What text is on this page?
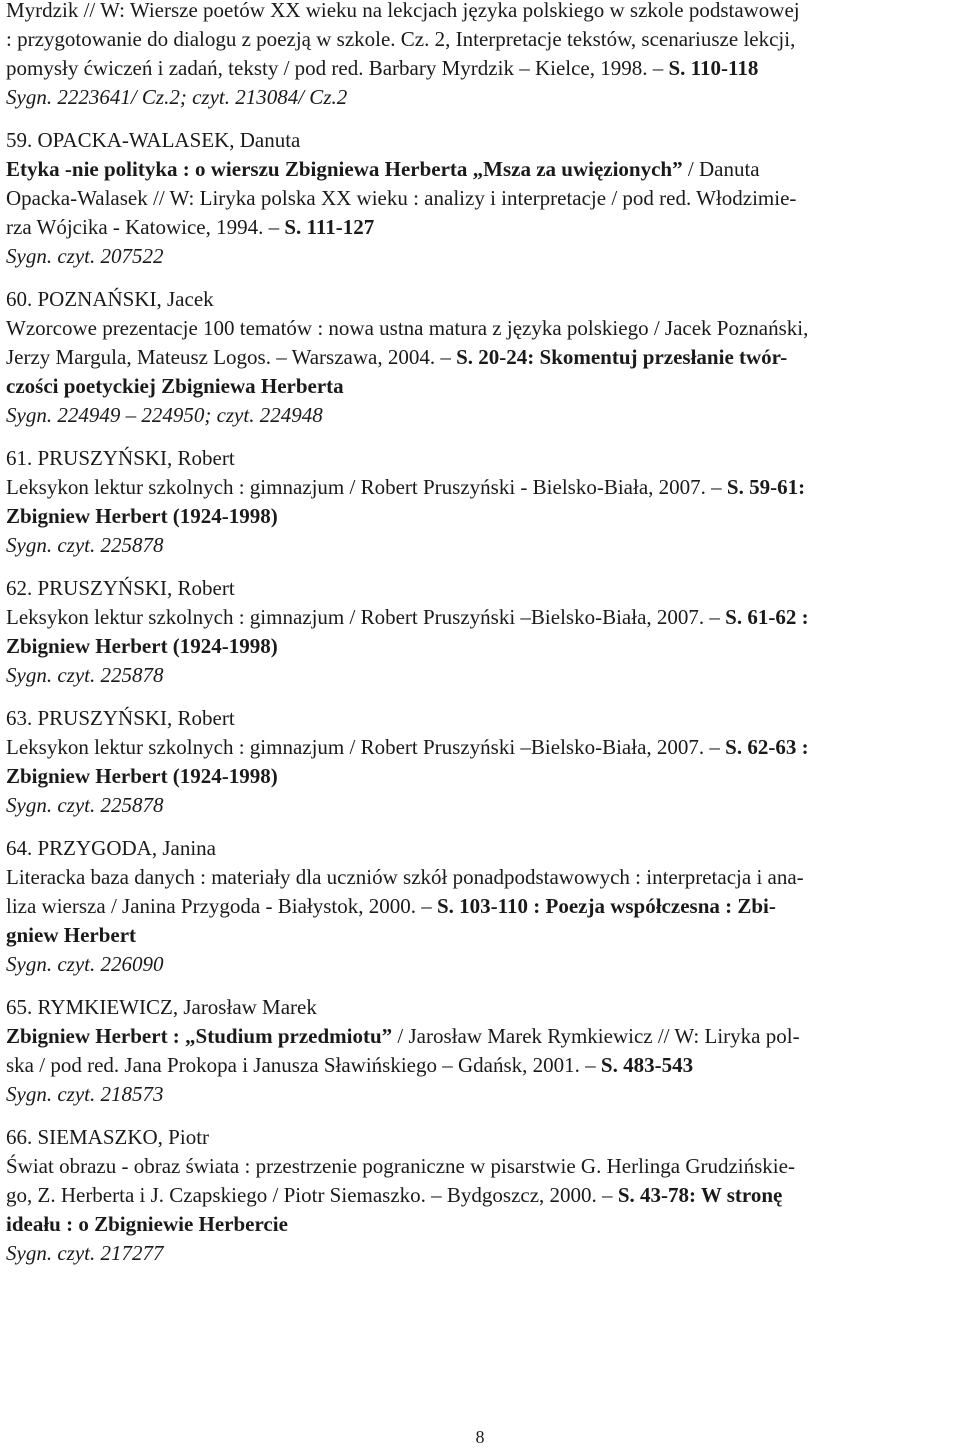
Myrdzik // W: Wiersze poetów XX wieku na lekcjach języka polskiego w szkole podstawowej

: przygotowanie do dialogu z poezją w szkole. Cz. 2, Interpretacje tekstów, scenariusze lekcji,

pomysły ćwiczeń i zadań, teksty / pod red. Barbary Myrdzik – Kielce, 1998. – S. 110-118

Sygn. 2223641/ Cz.2; czyt. 213084/ Cz.2

59. OPACKA-WALASEK, Danuta

Etyka -nie polityka : o wierszu Zbigniewa Herberta „Msza za uwięzionych” / Danuta

Opacka-Walasek // W: Liryka polska XX wieku : analizy i interpretacje / pod red. Włodzimie-

rza Wójcika - Katowice, 1994. – S. 111-127

Sygn. czyt. 207522

60. POZNAŃSKI, Jacek

Wzorcowe prezentacje 100 tematów : nowa ustna matura z języka polskiego / Jacek Poznański,

Jerzy Margula, Mateusz Logos. – Warszawa, 2004. – S. 20-24: Skomentuj przesłanie twór-

czości poetyckiej Zbigniewa Herberta

Sygn. 224949 – 224950; czyt. 224948

61. PRUSZYŃSKI, Robert

Leksykon lektur szkolnych : gimnazjum / Robert Pruszyński - Bielsko-Biała, 2007. – S. 59-61:

Zbigniew Herbert (1924-1998)

Sygn. czyt. 225878

62. PRUSZYŃSKI, Robert

Leksykon lektur szkolnych : gimnazjum / Robert Pruszyński –Bielsko-Biała, 2007. – S. 61-62 :

Zbigniew Herbert (1924-1998)

Sygn. czyt. 225878

63. PRUSZYŃSKI, Robert

Leksykon lektur szkolnych : gimnazjum / Robert Pruszyński –Bielsko-Biała, 2007. – S. 62-63 :

Zbigniew Herbert (1924-1998)

Sygn. czyt. 225878

64. PRZYGODA, Janina

Literacka baza danych : materiały dla uczniów szkół ponadpodstawowych : interpretacja i ana-

liza wiersza / Janina Przygoda - Białystok, 2000. – S. 103-110 : Poezja współczesna : Zbi-

gniew Herbert

Sygn. czyt. 226090

65. RYMKIEWICZ, Jarosław Marek

Zbigniew Herbert : „Studium przedmiotu” / Jarosław Marek Rymkiewicz // W: Liryka pol-

ska / pod red. Jana Prokopa i Janusza Sławińskiego – Gdańsk, 2001. – S. 483-543

Sygn. czyt. 218573

66. SIEMASZKO, Piotr

Świat obrazu - obraz świata : przestrzenie pograniczne w pisarstwie G. Herlinga Grudzińskie-

go, Z. Herberta i J. Czapskiego / Piotr Siemaszko. – Bydgoszcz, 2000. – S. 43-78: W stronę

ideału : o Zbigniewie Herbercie

Sygn. czyt. 217277

8
